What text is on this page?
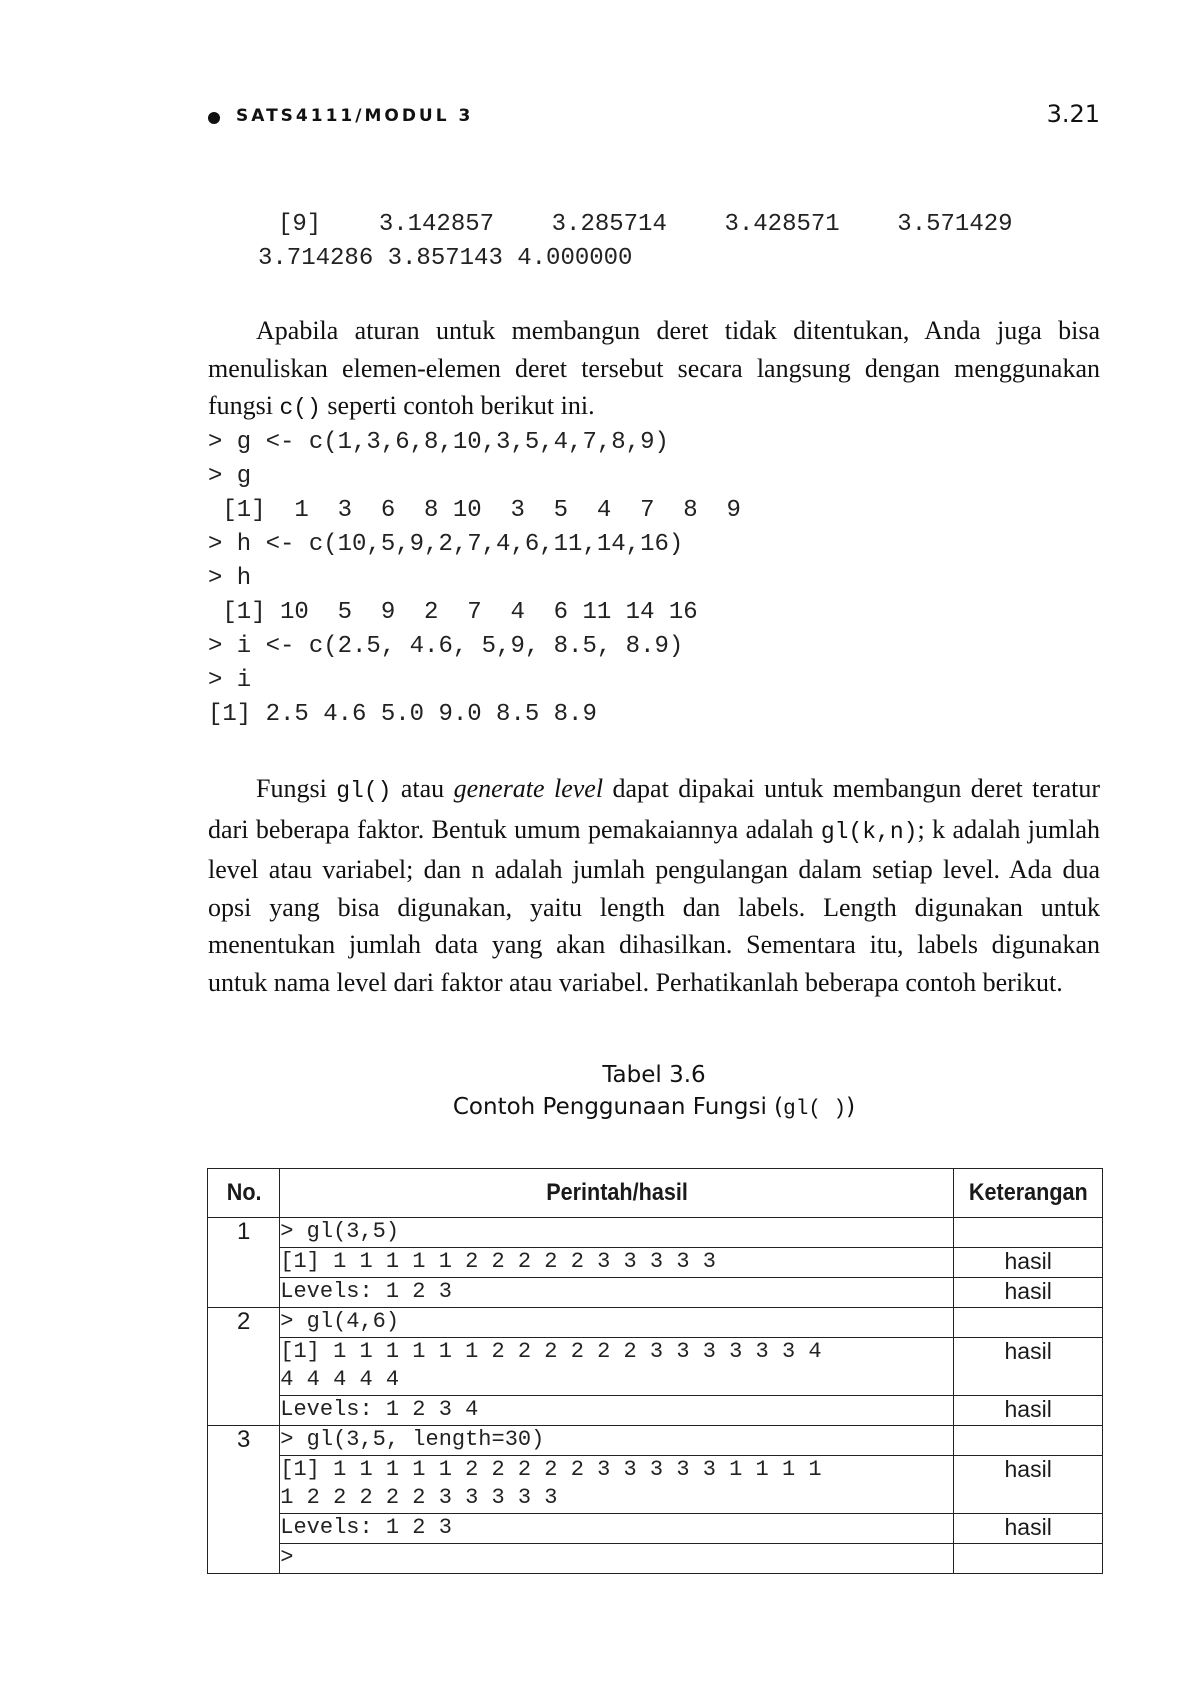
SATS4111/MODUL 3	3.21
[9]    3.142857    3.285714    3.428571    3.571429
3.714286 3.857143 4.000000
Apabila aturan untuk membangun deret tidak ditentukan, Anda juga bisa menuliskan elemen-elemen deret tersebut secara langsung dengan menggunakan fungsi c() seperti contoh berikut ini.
> g <- c(1,3,6,8,10,3,5,4,7,8,9)
> g
[1]  1  3  6  8 10  3  5  4  7  8  9
> h <- c(10,5,9,2,7,4,6,11,14,16)
> h
[1] 10  5  9  2  7  4  6 11 14 16
> i <- c(2.5, 4.6, 5,9, 8.5, 8.9)
> i
[1] 2.5 4.6 5.0 9.0 8.5 8.9
Fungsi gl() atau generate level dapat dipakai untuk membangun deret teratur dari beberapa faktor. Bentuk umum pemakaiannya adalah gl(k,n); k adalah jumlah level atau variabel; dan n adalah jumlah pengulangan dalam setiap level. Ada dua opsi yang bisa digunakan, yaitu length dan labels. Length digunakan untuk menentukan jumlah data yang akan dihasilkan. Sementara itu, labels digunakan untuk nama level dari faktor atau variabel. Perhatikanlah beberapa contoh berikut.
Tabel 3.6
Contoh Penggunaan Fungsi (gl( ))
No.	Perintah/hasil	Keterangan
1	> gl(3,5)	
	[1] 1 1 1 1 1 2 2 2 2 2 3 3 3 3 3	hasil
	Levels: 1 2 3	hasil
2	> gl(4,6)	
	[1] 1 1 1 1 1 1 2 2 2 2 2 2 3 3 3 3 3 3 4
4 4 4 4 4	hasil
	Levels: 1 2 3 4	hasil
3	> gl(3,5, length=30)	
	[1] 1 1 1 1 1 2 2 2 2 2 3 3 3 3 3 1 1 1 1
1 2 2 2 2 2 3 3 3 3 3	hasil
	Levels: 1 2 3	hasil
	>	
